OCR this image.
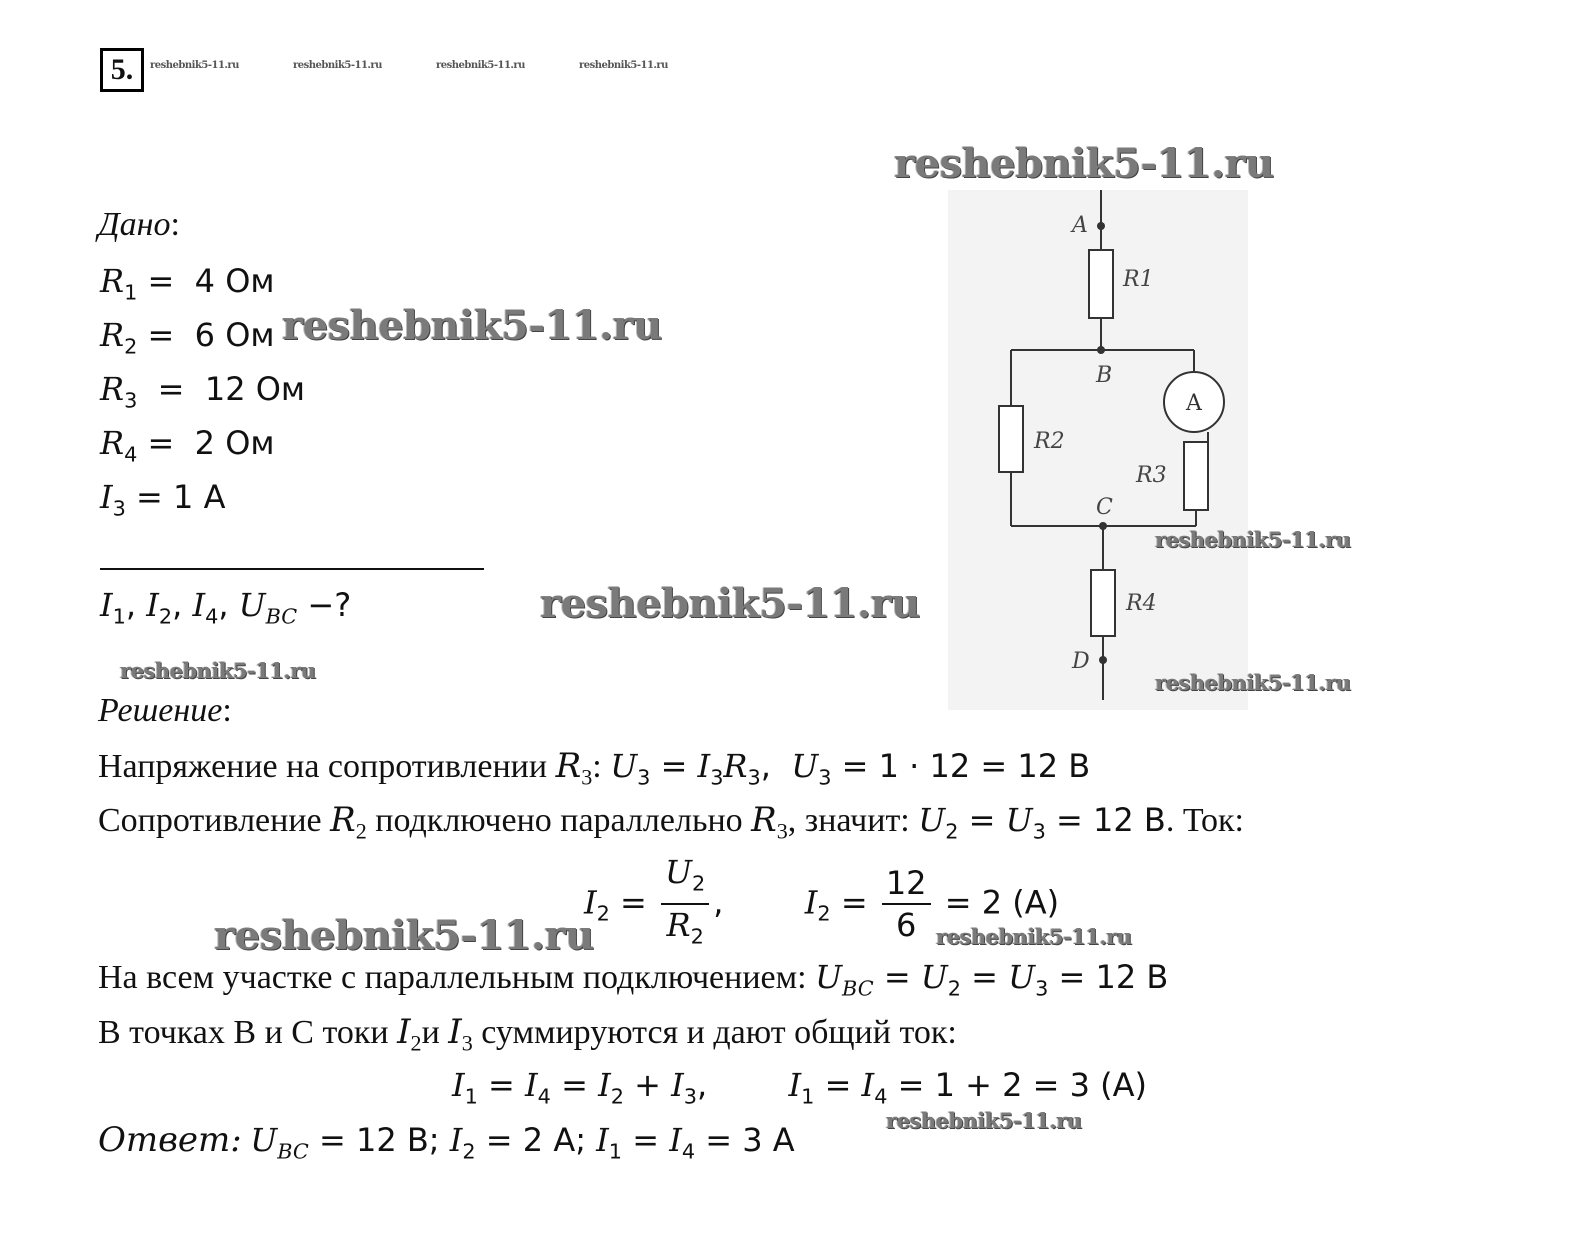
5.	reshebnik5-11.ru	reshebnik5-11.ru	reshebnik5-11.ru	reshebnik5-11.ru
Дано:
$R_1 = 4$ Ом
$R_2 = 6$ Ом
$R_3 = 12$ Ом
$R_4 = 2$ Ом
$I_3 = 1$ А
$I_1$, $I_2$, $I_4$, $U_{BC}$ −?
A
B
C
D
R1
R2
R3
R4
A
reshebnik5-11.ru
reshebnik5-11.ru
reshebnik5-11.ru
reshebnik5-11.ru
reshebnik5-11.ru	reshebnik5-11.ru
Решение:
Напряжение на сопротивлении $R_3$: $U_3 = I_3R_3$,  $U_3 = 1 \cdot 12 = 12$ В
Сопротивление $R_2$ подключено параллельно $R_3$, значит: $U_2 = U_3 = 12$ В. Ток:
$I_2 = \frac{U_2}{R_2}$ ,        $I_2 = \frac{12}{6} = 2$ (А)
reshebnik5-11.ru	reshebnik5-11.ru
На всем участке с параллельным подключением: $U_{BC} = U_2 = U_3 = 12$ В
В точках B и C токи $I_2и$ $I_3$ суммируются и дают общий ток:
$I_1 = I_4 = I_2 + I_3$,        $I_1 = I_4 = 1 + 2 = 3$ (А)
reshebnik5-11.ru
Ответ: $U_{BC} = 12$ В; $I_2 = 2$ А; $I_1 = I_4 = 3$ А
